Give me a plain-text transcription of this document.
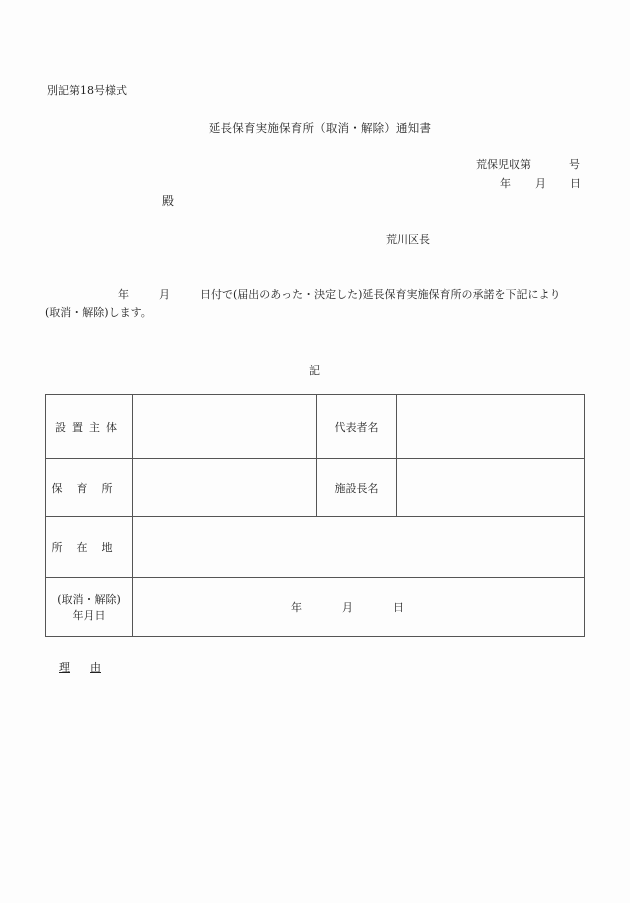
別記第18号様式
延長保育実施保育所（取消・解除）通知書
荒保児収第	号
年 月 日
殿
荒川区長
年	月	日付で(届出のあった・決定した)延長保育実施保育所の承諾を下記により
(取消・解除)します。
記
設置主体		代表者名	
保育所		施設長名	
所在地			

(取消・解除)
年月日	年 月 日		
理 由
